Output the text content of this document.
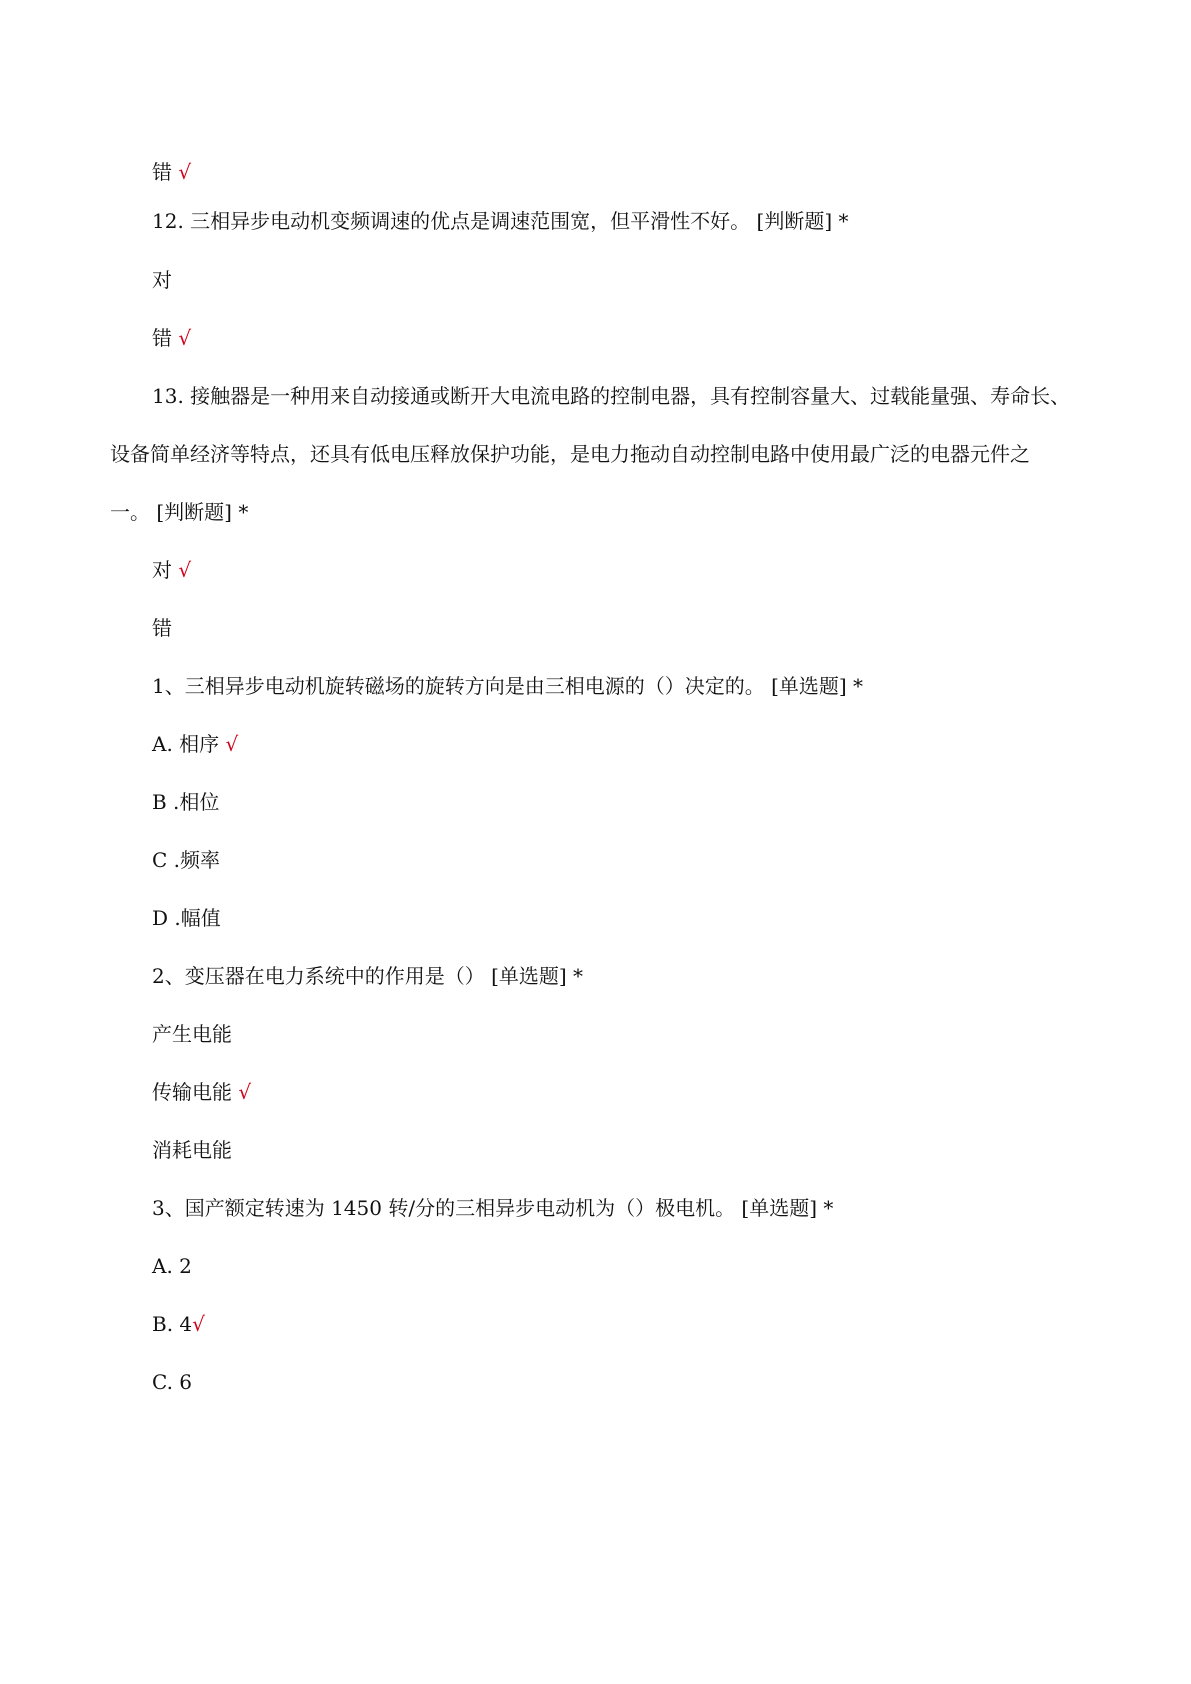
错 √
12. 三相异步电动机变频调速的优点是调速范围宽，但平滑性不好。 [判断题] *
对
错 √
13. 接触器是一种用来自动接通或断开大电流电路的控制电器，具有控制容量大、过载能量强、寿命长、
设备简单经济等特点，还具有低电压释放保护功能，是电力拖动自动控制电路中使用最广泛的电器元件之
一。 [判断题] *
对 √
错
1、三相异步电动机旋转磁场的旋转方向是由三相电源的（）决定的。 [单选题] *
A. 相序 √
B .相位
C .频率
D .幅值
2、变压器在电力系统中的作用是（） [单选题] *
产生电能
传输电能 √
消耗电能
3、国产额定转速为 1450 转/分的三相异步电动机为（）极电机。 [单选题] *
A. 2
B. 4√
C. 6
